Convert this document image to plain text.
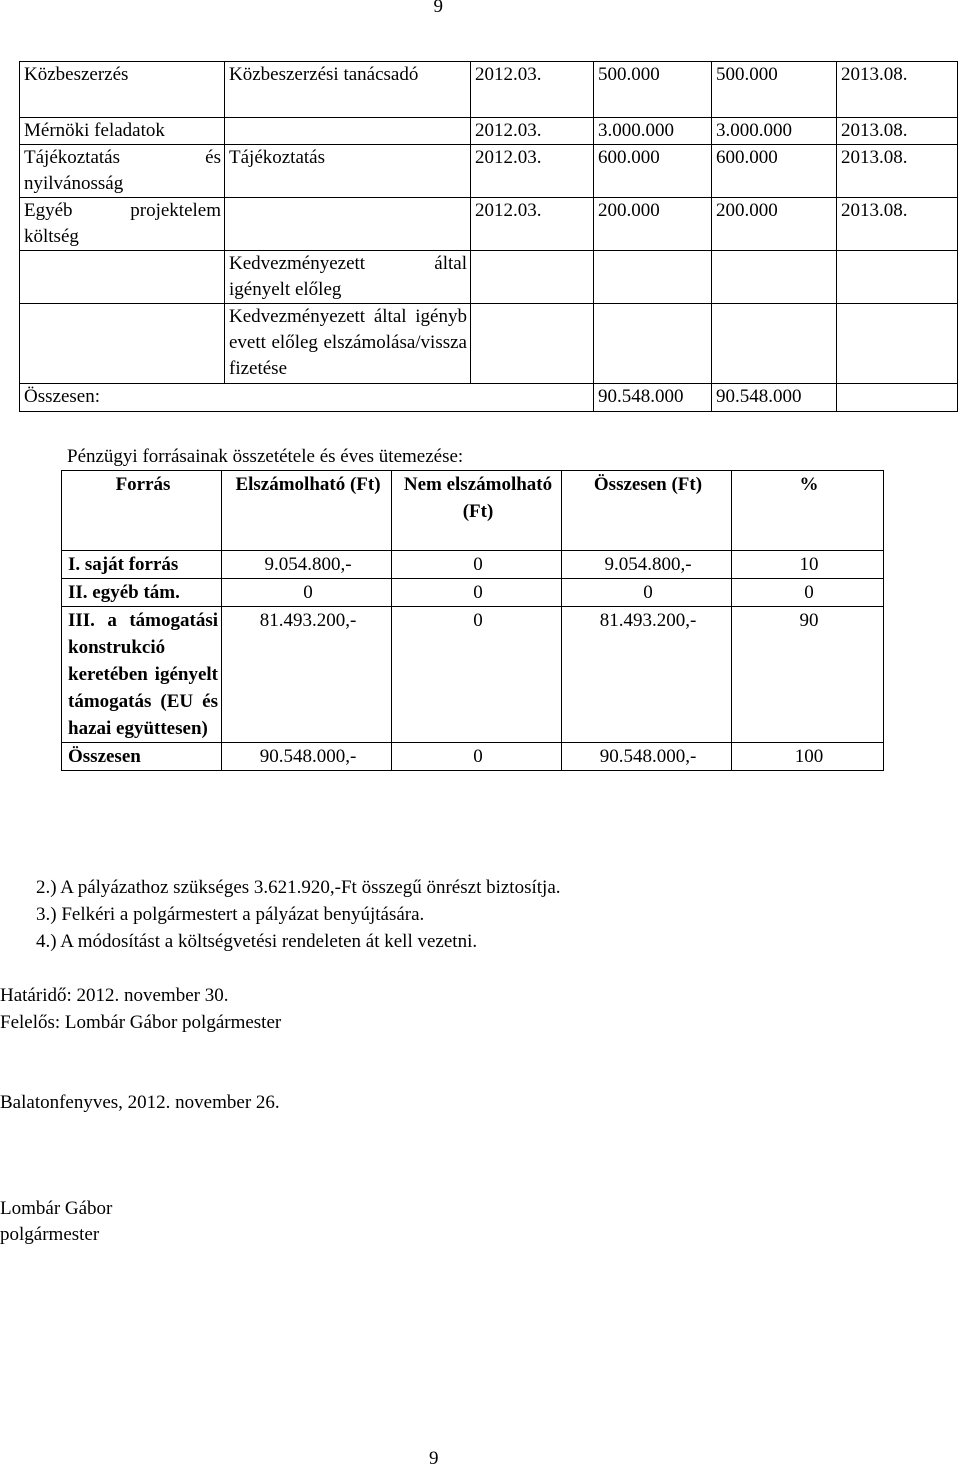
9
Közbeszerzés	Közbeszerzési tanácsadó	2012.03.	500.000	500.000	2013.08.
Mérnöki feladatok		2012.03.	3.000.000	3.000.000	2013.08.
Tájékoztatás és nyilvánosság	Tájékoztatás	2012.03.	600.000	600.000	2013.08.
Egyéb projektelem költség		2012.03.	200.000	200.000	2013.08.
	Kedvezményezett által igényelt előleg				
	Kedvezményezett által igénybevett előleg elszámolása/visszafizetése				
Összesen:			90.548.000	90.548.000	
Pénzügyi forrásainak összetétele és éves ütemezése:
Forrás	Elszámolható (Ft)	Nem elszámolható (Ft)	Összesen (Ft)	%
I. saját forrás	9.054.800,-	0	9.054.800,-	10
II. egyéb tám.	0	0	0	0
III. a támogatási konstrukció keretében igényelt támogatás (EU és hazai együttesen)	81.493.200,-	0	81.493.200,-	90
Összesen	90.548.000,-	0	90.548.000,-	100
2.) A pályázathoz szükséges 3.621.920,-Ft összegű önrészt biztosítja.
3.) Felkéri a polgármestert a pályázat benyújtására.
4.) A módosítást a költségvetési rendeleten át kell vezetni.
Határidő: 2012. november 30.
Felelős: Lombár Gábor polgármester
Balatonfenyves, 2012. november 26.
Lombár Gábor
polgármester
9
